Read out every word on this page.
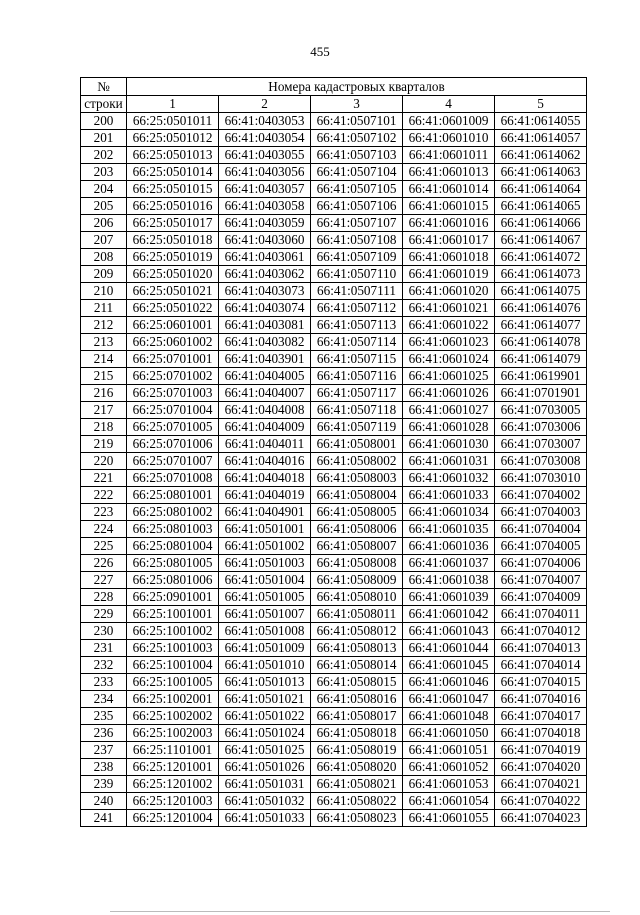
455
№	Номера кадастровых кварталов				
строки	1	2	3	4	5
200	66:25:0501011	66:41:0403053	66:41:0507101	66:41:0601009	66:41:0614055
201	66:25:0501012	66:41:0403054	66:41:0507102	66:41:0601010	66:41:0614057
202	66:25:0501013	66:41:0403055	66:41:0507103	66:41:0601011	66:41:0614062
203	66:25:0501014	66:41:0403056	66:41:0507104	66:41:0601013	66:41:0614063
204	66:25:0501015	66:41:0403057	66:41:0507105	66:41:0601014	66:41:0614064
205	66:25:0501016	66:41:0403058	66:41:0507106	66:41:0601015	66:41:0614065
206	66:25:0501017	66:41:0403059	66:41:0507107	66:41:0601016	66:41:0614066
207	66:25:0501018	66:41:0403060	66:41:0507108	66:41:0601017	66:41:0614067
208	66:25:0501019	66:41:0403061	66:41:0507109	66:41:0601018	66:41:0614072
209	66:25:0501020	66:41:0403062	66:41:0507110	66:41:0601019	66:41:0614073
210	66:25:0501021	66:41:0403073	66:41:0507111	66:41:0601020	66:41:0614075
211	66:25:0501022	66:41:0403074	66:41:0507112	66:41:0601021	66:41:0614076
212	66:25:0601001	66:41:0403081	66:41:0507113	66:41:0601022	66:41:0614077
213	66:25:0601002	66:41:0403082	66:41:0507114	66:41:0601023	66:41:0614078
214	66:25:0701001	66:41:0403901	66:41:0507115	66:41:0601024	66:41:0614079
215	66:25:0701002	66:41:0404005	66:41:0507116	66:41:0601025	66:41:0619901
216	66:25:0701003	66:41:0404007	66:41:0507117	66:41:0601026	66:41:0701901
217	66:25:0701004	66:41:0404008	66:41:0507118	66:41:0601027	66:41:0703005
218	66:25:0701005	66:41:0404009	66:41:0507119	66:41:0601028	66:41:0703006
219	66:25:0701006	66:41:0404011	66:41:0508001	66:41:0601030	66:41:0703007
220	66:25:0701007	66:41:0404016	66:41:0508002	66:41:0601031	66:41:0703008
221	66:25:0701008	66:41:0404018	66:41:0508003	66:41:0601032	66:41:0703010
222	66:25:0801001	66:41:0404019	66:41:0508004	66:41:0601033	66:41:0704002
223	66:25:0801002	66:41:0404901	66:41:0508005	66:41:0601034	66:41:0704003
224	66:25:0801003	66:41:0501001	66:41:0508006	66:41:0601035	66:41:0704004
225	66:25:0801004	66:41:0501002	66:41:0508007	66:41:0601036	66:41:0704005
226	66:25:0801005	66:41:0501003	66:41:0508008	66:41:0601037	66:41:0704006
227	66:25:0801006	66:41:0501004	66:41:0508009	66:41:0601038	66:41:0704007
228	66:25:0901001	66:41:0501005	66:41:0508010	66:41:0601039	66:41:0704009
229	66:25:1001001	66:41:0501007	66:41:0508011	66:41:0601042	66:41:0704011
230	66:25:1001002	66:41:0501008	66:41:0508012	66:41:0601043	66:41:0704012
231	66:25:1001003	66:41:0501009	66:41:0508013	66:41:0601044	66:41:0704013
232	66:25:1001004	66:41:0501010	66:41:0508014	66:41:0601045	66:41:0704014
233	66:25:1001005	66:41:0501013	66:41:0508015	66:41:0601046	66:41:0704015
234	66:25:1002001	66:41:0501021	66:41:0508016	66:41:0601047	66:41:0704016
235	66:25:1002002	66:41:0501022	66:41:0508017	66:41:0601048	66:41:0704017
236	66:25:1002003	66:41:0501024	66:41:0508018	66:41:0601050	66:41:0704018
237	66:25:1101001	66:41:0501025	66:41:0508019	66:41:0601051	66:41:0704019
238	66:25:1201001	66:41:0501026	66:41:0508020	66:41:0601052	66:41:0704020
239	66:25:1201002	66:41:0501031	66:41:0508021	66:41:0601053	66:41:0704021
240	66:25:1201003	66:41:0501032	66:41:0508022	66:41:0601054	66:41:0704022
241	66:25:1201004	66:41:0501033	66:41:0508023	66:41:0601055	66:41:0704023
